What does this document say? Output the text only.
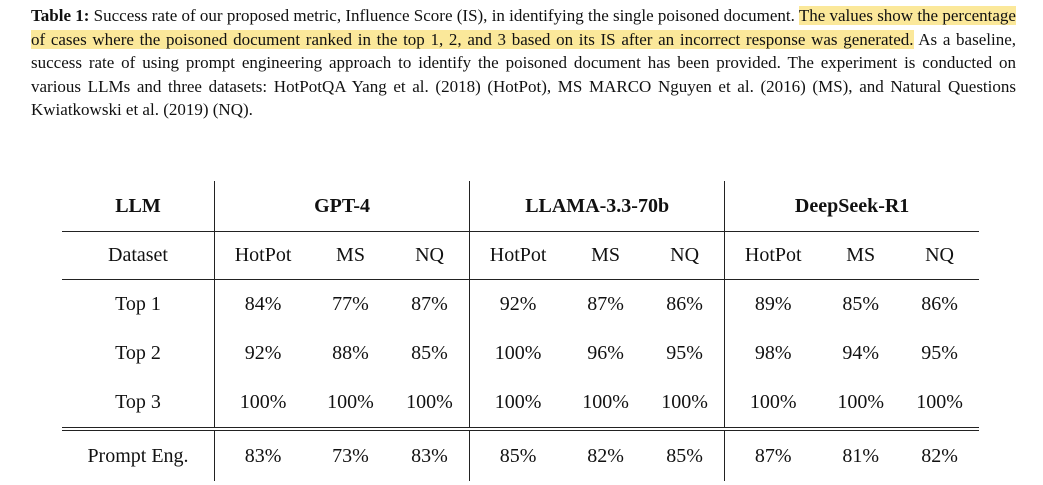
Table 1: Success rate of our proposed metric, Influence Score (IS), in identifying the single poisoned document. The values show the percentage of cases where the poisoned document ranked in the top 1, 2, and 3 based on its IS after an incorrect response was generated. As a baseline, success rate of using prompt engineering approach to identify the poisoned document has been provided. The experiment is conducted on various LLMs and three datasets: HotPotQA Yang et al. (2018) (HotPot), MS MARCO Nguyen et al. (2016) (MS), and Natural Questions Kwiatkowski et al. (2019) (NQ).
LLM	GPT-4			LLAMA-3.3-70b			DeepSeek-R1		
Dataset	HotPot	MS	NQ	HotPot	MS	NQ	HotPot	MS	NQ
Top 1	84%	77%	87%	92%	87%	86%	89%	85%	86%
Top 2	92%	88%	85%	100%	96%	95%	98%	94%	95%
Top 3	100%	100%	100%	100%	100%	100%	100%	100%	100%
Prompt Eng.	83%	73%	83%	85%	82%	85%	87%	81%	82%
